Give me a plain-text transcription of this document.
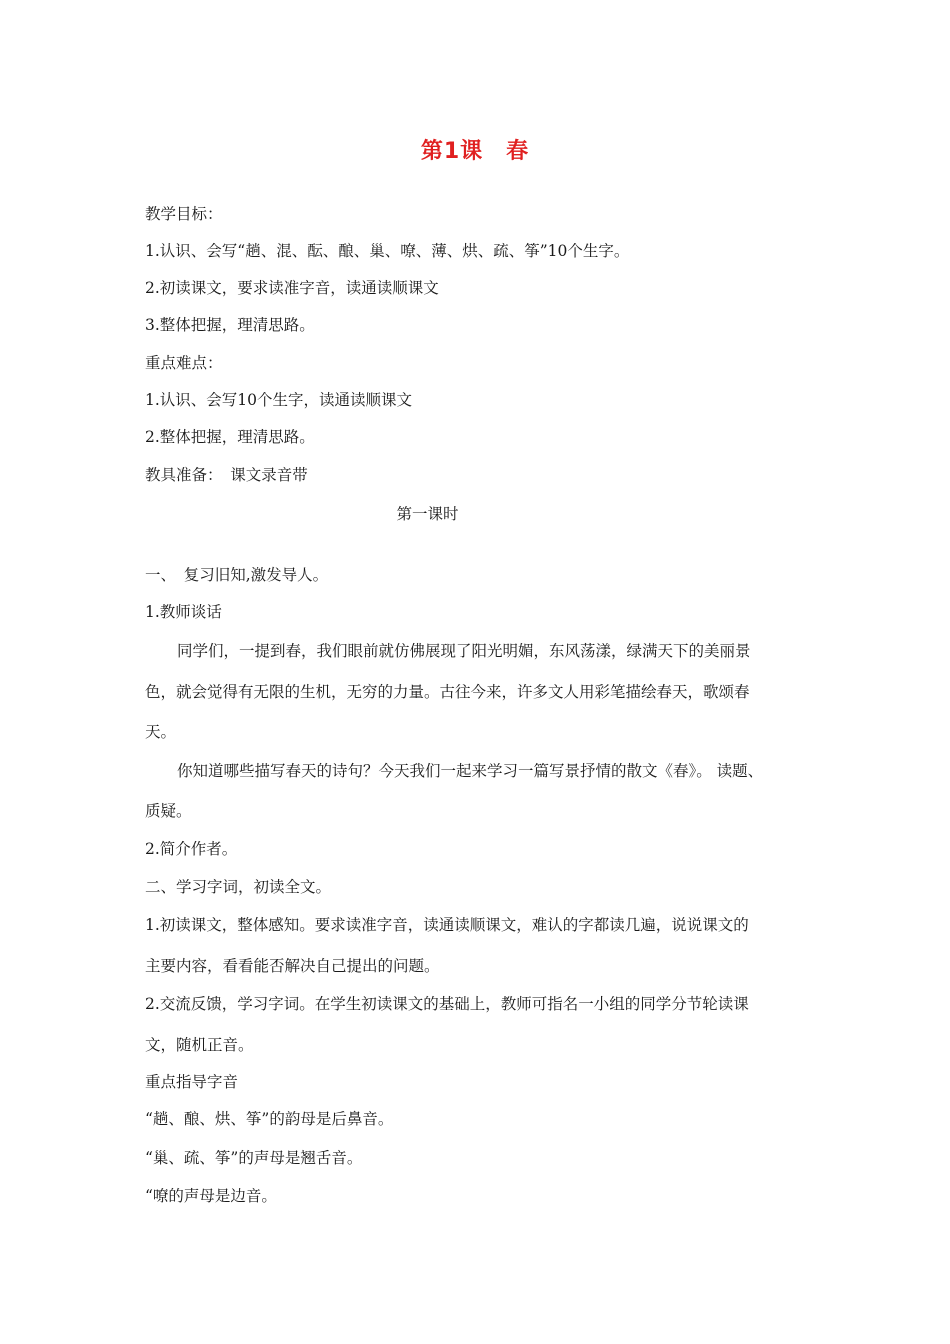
第1课　春
教学目标：
1.认识、会写“趟、混、酝、酿、巢、嘹、薄、烘、疏、筝”10个生字。
2.初读课文，要求读准字音，读通读顺课文
3.整体把握，理清思路。
重点难点：
1.认识、会写10个生字，读通读顺课文
2.整体把握，理清思路。
教具准备：　课文录音带
第一课时
一、　复习旧知,激发导人。
1.教师谈话
同学们，一提到春，我们眼前就仿佛展现了阳光明媚，东风荡漾，绿满天下的美丽景
色，就会觉得有无限的生机，无穷的力量。古往今来，许多文人用彩笔描绘春天，歌颂春
天。
你知道哪些描写春天的诗句？今天我们一起来学习一篇写景抒情的散文《春》。 读题、
质疑。
2.简介作者。
二、学习字词，初读全文。
1.初读课文，整体感知。要求读准字音，读通读顺课文，难认的字都读几遍，说说课文的
主要内容，看看能否解决自己提出的问题。
2.交流反馈，学习字词。在学生初读课文的基础上，教师可指名一小组的同学分节轮读课
文，随机正音。
重点指导字音
“趟、酿、烘、筝”的韵母是后鼻音。
“巢、疏、筝”的声母是翘舌音。
“嘹的声母是边音。
